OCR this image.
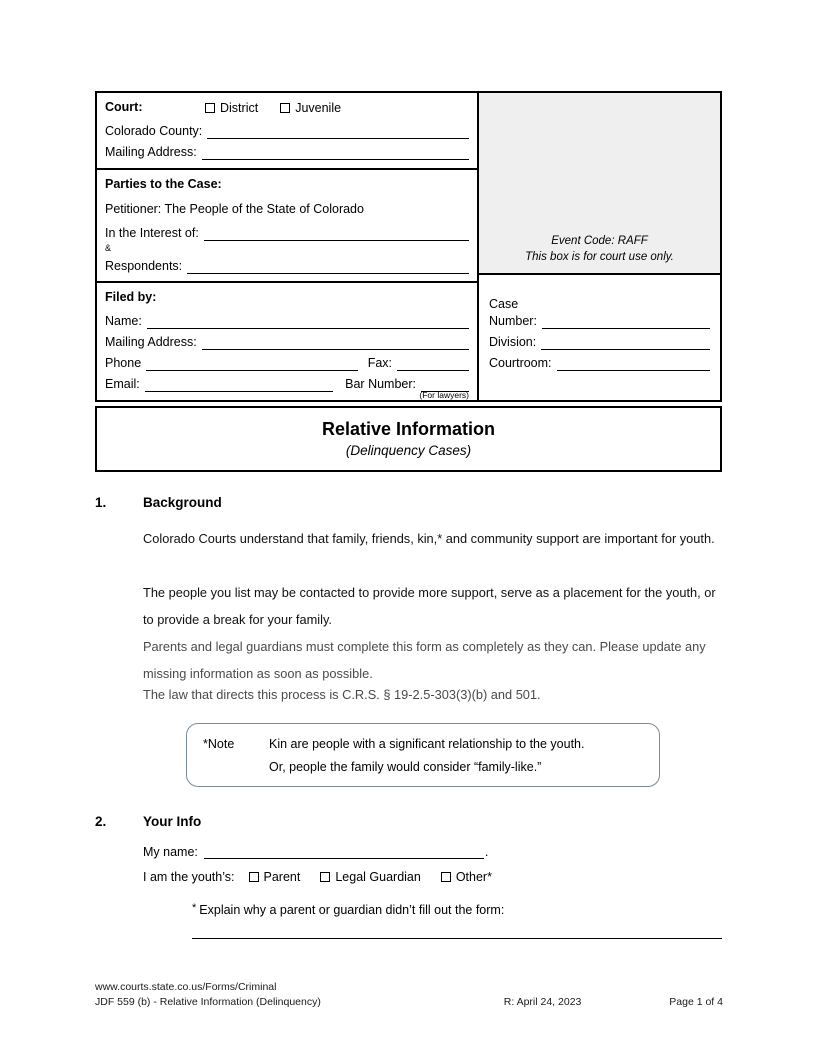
Court:	District	Juvenile
Colorado County:
Mailing Address:
Parties to the Case:
Petitioner: The People of the State of Colorado
In the Interest of:
&
Respondents:
Event Code: RAFF
This box is for court use only.
Filed by:
Name:
Mailing Address:
Phone	Fax:
Email:	Bar Number:
(For lawyers)
Case
Number:
Division:
Courtroom:
Relative Information
(Delinquency Cases)
1.	Background
Colorado Courts understand that family, friends, kin,* and community support are important for youth.
The people you list may be contacted to provide more support, serve as a placement for the youth, or to provide a break for your family.
Parents and legal guardians must complete this form as completely as they can. Please update any missing information as soon as possible.
The law that directs this process is C.R.S. § 19-2.5-303(3)(b) and 501.
*Note	Kin are people with a significant relationship to the youth.
Or, people the family would consider “family-like.”
2.	Your Info
My name:	.
I am the youth’s:	Parent	Legal Guardian	Other*
* Explain why a parent or guardian didn’t fill out the form:
www.courts.state.co.us/Forms/Criminal
JDF 559 (b) - Relative Information (Delinquency)	R: April 24, 2023	Page 1 of 4
